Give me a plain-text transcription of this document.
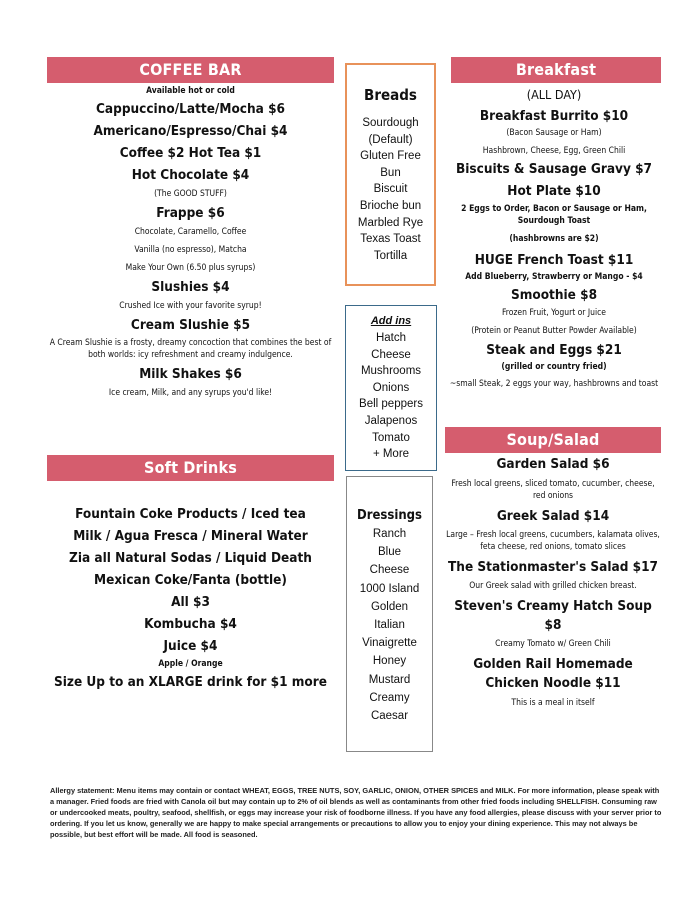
COFFEE BAR
Available hot or cold
Cappuccino/Latte/Mocha $6
Americano/Espresso/Chai $4
Coffee $2 Hot Tea $1
Hot Chocolate $4
(The GOOD STUFF)
Frappe $6
Chocolate, Caramello, Coffee
Vanilla (no espresso), Matcha
Make Your Own (6.50 plus syrups)
Slushies $4
Crushed Ice with your favorite syrup!
Cream Slushie $5
A Cream Slushie is a frosty, dreamy concoction that combines the best of both worlds: icy refreshment and creamy indulgence.
Milk Shakes $6
Ice cream, Milk, and any syrups you'd like!
Soft Drinks
Fountain Coke Products / Iced tea
Milk / Agua Fresca / Mineral Water
Zia all Natural Sodas / Liquid Death
Mexican Coke/Fanta (bottle)
All $3
Kombucha $4
Juice $4
Apple / Orange
Size Up to an XLARGE drink for $1 more
Breads
Sourdough
(Default)
Gluten Free
Bun
Biscuit
Brioche bun
Marbled Rye
Texas Toast
Tortilla
Add ins
Hatch
Cheese
Mushrooms
Onions
Bell peppers
Jalapenos
Tomato
+ More
Dressings
Ranch
Blue
Cheese
1000 Island
Golden
Italian
Vinaigrette
Honey
Mustard
Creamy
Caesar
Breakfast
(ALL DAY)
Breakfast Burrito $10
(Bacon Sausage or Ham)
Hashbrown, Cheese, Egg, Green Chili
Biscuits & Sausage Gravy $7
Hot Plate $10
2 Eggs to Order, Bacon or Sausage or Ham, Sourdough Toast
(hashbrowns are $2)
HUGE French Toast $11
Add Blueberry, Strawberry or Mango - $4
Smoothie $8
Frozen Fruit, Yogurt or Juice
(Protein or Peanut Butter Powder Available)
Steak and Eggs $21
(grilled or country fried)
~small Steak, 2 eggs your way, hashbrowns and toast
Soup/Salad
Garden Salad $6
Fresh local greens, sliced tomato, cucumber, cheese, red onions
Greek Salad $14
Large – Fresh local greens, cucumbers, kalamata olives, feta cheese, red onions, tomato slices
The Stationmaster's Salad $17
Our Greek salad with grilled chicken breast.
Steven's Creamy Hatch Soup $8
Creamy Tomato w/ Green Chili
Golden Rail Homemade Chicken Noodle $11
This is a meal in itself
Allergy statement: Menu items may contain or contact WHEAT, EGGS, TREE NUTS, SOY, GARLIC, ONION, OTHER SPICES and MILK. For more information, please speak with a manager. Fried foods are fried with Canola oil but may contain up to 2% of oil blends as well as contaminants from other fried foods including SHELLFISH. Consuming raw or undercooked meats, poultry, seafood, shellfish, or eggs may increase your risk of foodborne illness. If you have any food allergies, please discuss with your server prior to ordering. If you let us know, generally we are happy to make special arrangements or precautions to allow you to enjoy your dining experience. This may not always be possible, but best effort will be made. All food is seasoned.
